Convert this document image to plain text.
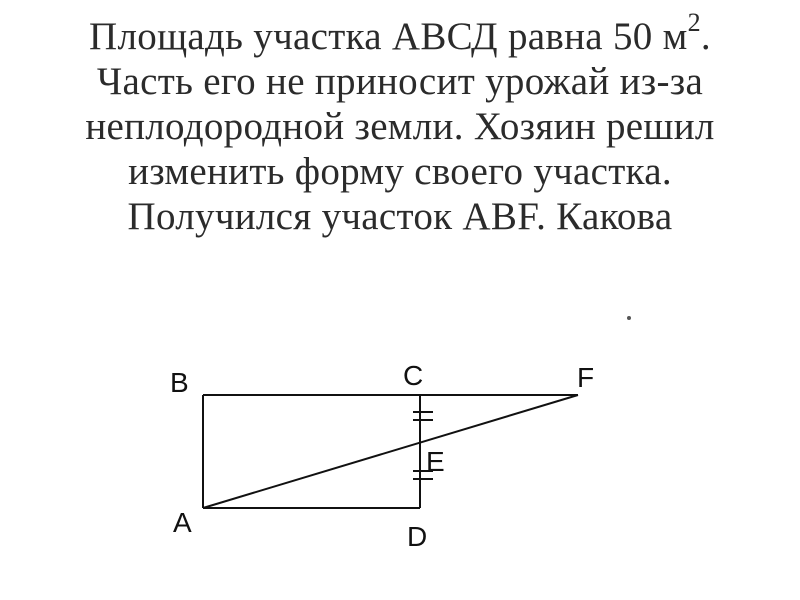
Площадь участка АВСД равна 50 $м^2$.
Часть его не приносит урожай из-за
неплодородной земли. Хозяин решил
изменить форму своего участка.
Получился участок ABF. Какова
B	C	F
A	D
E
